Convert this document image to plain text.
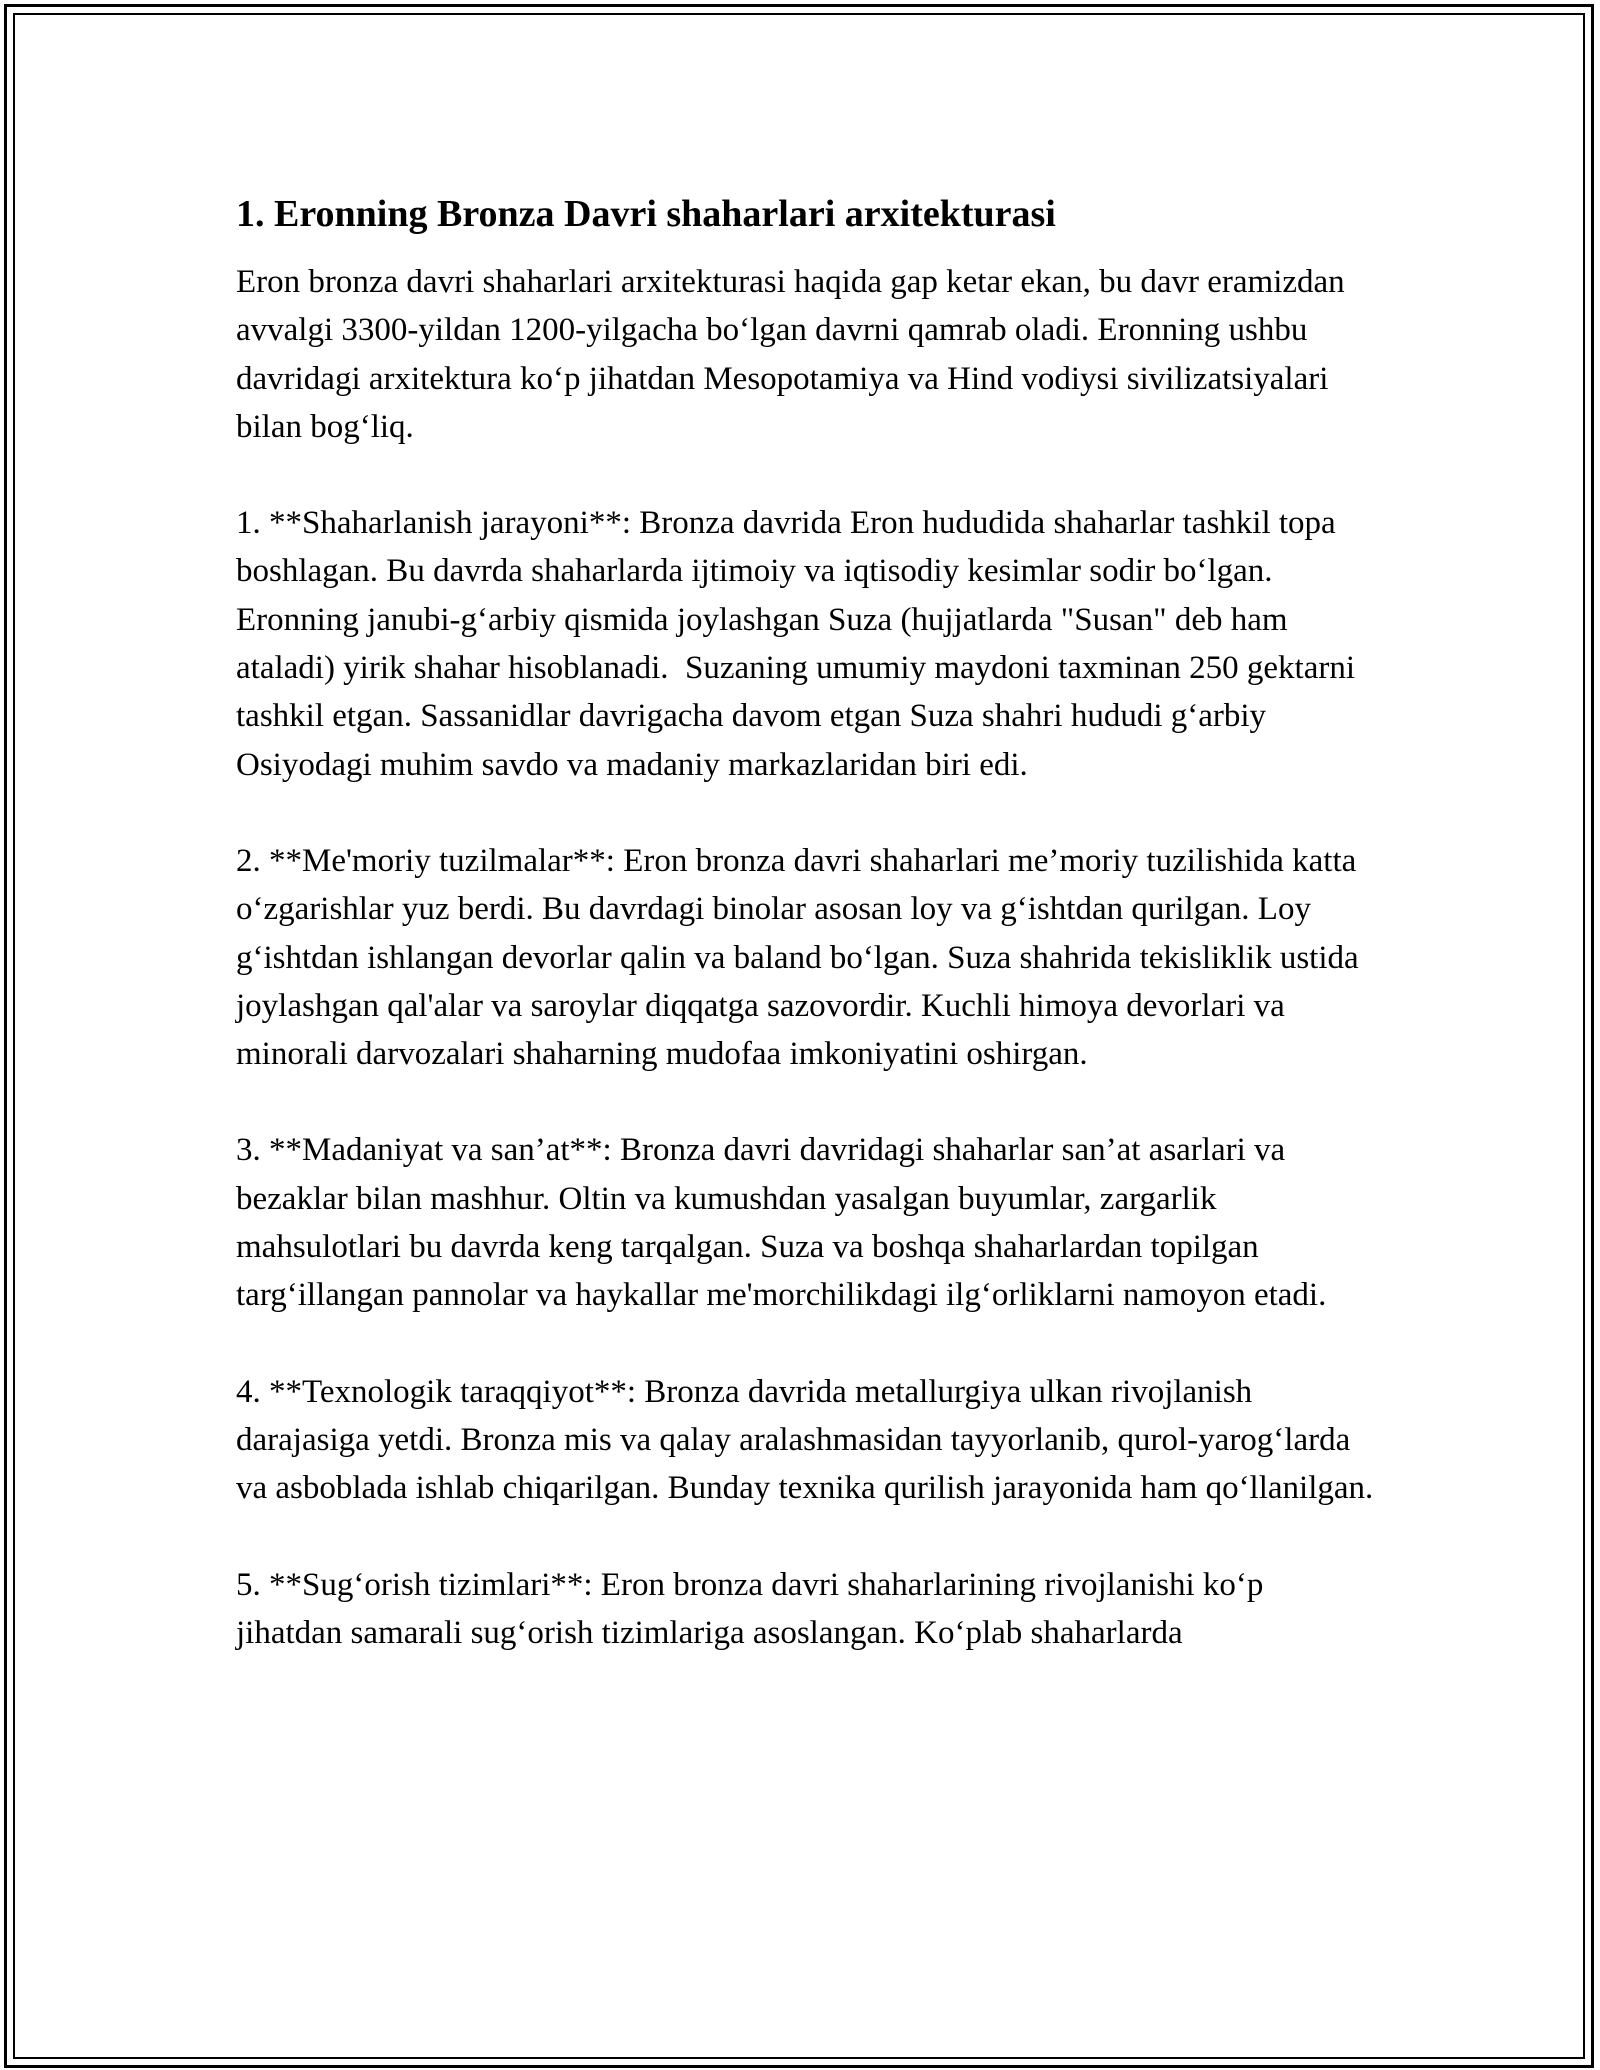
1. Eronning Bronza Davri shaharlari arxitekturasi

Eron bronza davri shaharlari arxitekturasi haqida gap ketar ekan, bu davr eramizdan avvalgi 3300-yildan 1200-yilgacha bo‘lgan davrni qamrab oladi. Eronning ushbu davridagi arxitektura ko‘p jihatdan Mesopotamiya va Hind vodiysi sivilizatsiyalari bilan bog‘liq.

1. **Shaharlanish jarayoni**: Bronza davrida Eron hududida shaharlar tashkil topa boshlagan. Bu davrda shaharlarda ijtimoiy va iqtisodiy kesimlar sodir bo‘lgan. Eronning janubi-g‘arbiy qismida joylashgan Suza (hujjatlarda "Susan" deb ham ataladi) yirik shahar hisoblanadi.  Suzaning umumiy maydoni taxminan 250 gektarni tashkil etgan. Sassanidlar davrigacha davom etgan Suza shahri hududi g‘arbiy Osiyodagi muhim savdo va madaniy markazlaridan biri edi.

2. **Me'moriy tuzilmalar**: Eron bronza davri shaharlari me’moriy tuzilishida katta o‘zgarishlar yuz berdi. Bu davrdagi binolar asosan loy va g‘ishtdan qurilgan. Loy g‘ishtdan ishlangan devorlar qalin va baland bo‘lgan. Suza shahrida tekisliklik ustida joylashgan qal'alar va saroylar diqqatga sazovordir. Kuchli himoya devorlari va minorali darvozalari shaharning mudofaa imkoniyatini oshirgan.

3. **Madaniyat va san’at**: Bronza davri davridagi shaharlar san’at asarlari va bezaklar bilan mashhur. Oltin va kumushdan yasalgan buyumlar, zargarlik mahsulotlari bu davrda keng tarqalgan. Suza va boshqa shaharlardan topilgan targ‘illangan pannolar va haykallar me'morchilikdagi ilg‘orliklarni namoyon etadi.

4. **Texnologik taraqqiyot**: Bronza davrida metallurgiya ulkan rivojlanish darajasiga yetdi. Bronza mis va qalay aralashmasidan tayyorlanib, qurol-yarog‘larda va asboblada ishlab chiqarilgan. Bunday texnika qurilish jarayonida ham qo‘llanilgan.

5. **Sug‘orish tizimlari**: Eron bronza davri shaharlarining rivojlanishi ko‘p jihatdan samarali sug‘orish tizimlariga asoslangan. Ko‘plab shaharlarda
